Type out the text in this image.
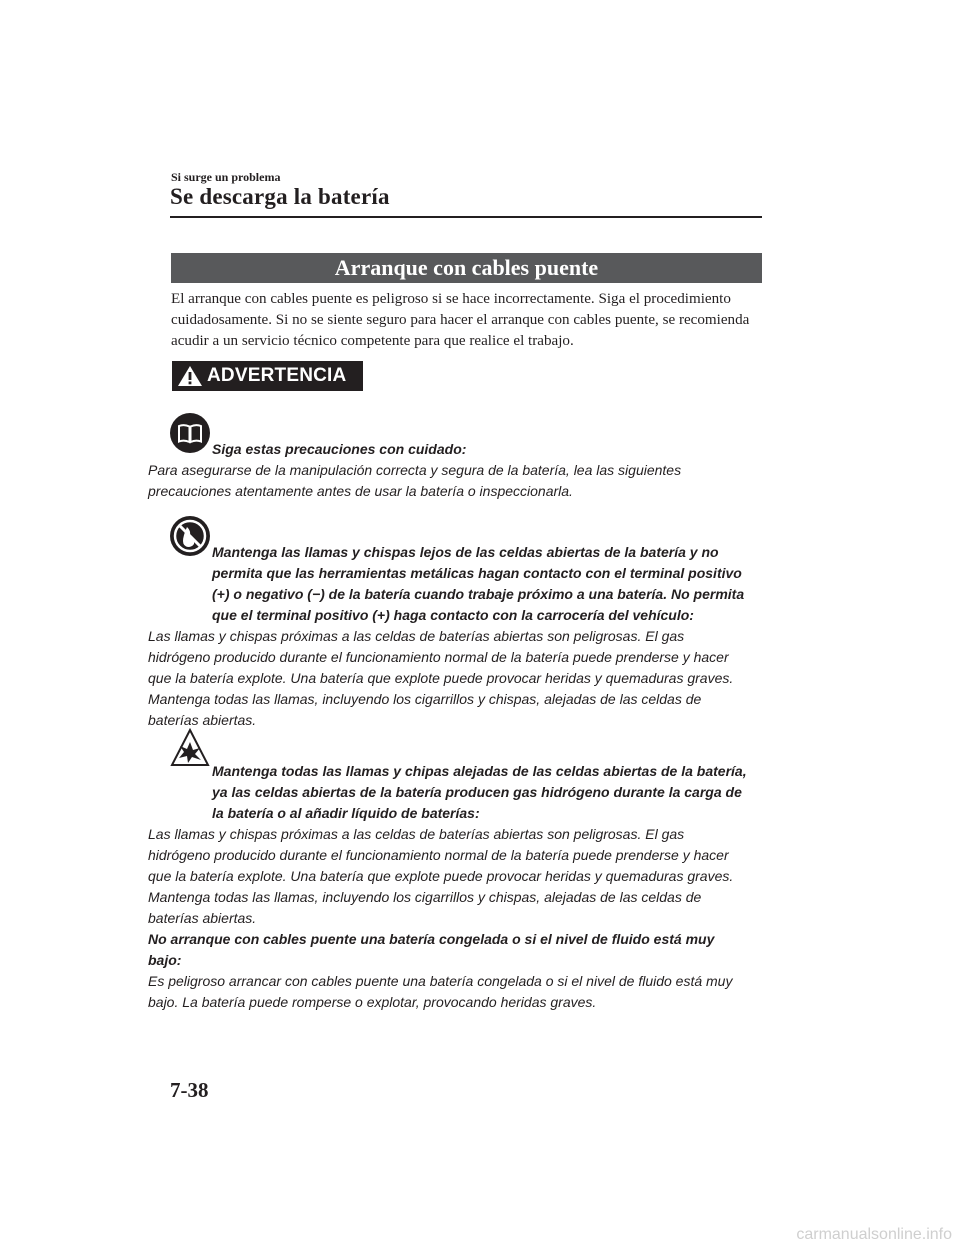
Si surge un problema
Se descarga la batería
Arranque con cables puente
El arranque con cables puente es peligroso si se hace incorrectamente. Siga el procedimiento cuidadosamente. Si no se siente seguro para hacer el arranque con cables puente, se recomienda acudir a un servicio técnico competente para que realice el trabajo.
ADVERTENCIA
Siga estas precauciones con cuidado:
Para asegurarse de la manipulación correcta y segura de la batería, lea las siguientes precauciones atentamente antes de usar la batería o inspeccionarla.
Mantenga las llamas y chispas lejos de las celdas abiertas de la batería y no permita que las herramientas metálicas hagan contacto con el terminal positivo (+) o negativo (−) de la batería cuando trabaje próximo a una batería. No permita que el terminal positivo (+) haga contacto con la carrocería del vehículo:
Las llamas y chispas próximas a las celdas de baterías abiertas son peligrosas. El gas hidrógeno producido durante el funcionamiento normal de la batería puede prenderse y hacer que la batería explote. Una batería que explote puede provocar heridas y quemaduras graves. Mantenga todas las llamas, incluyendo los cigarrillos y chispas, alejadas de las celdas de baterías abiertas.
Mantenga todas las llamas y chipas alejadas de las celdas abiertas de la batería, ya las celdas abiertas de la batería producen gas hidrógeno durante la carga de la batería o al añadir líquido de baterías:
Las llamas y chispas próximas a las celdas de baterías abiertas son peligrosas. El gas hidrógeno producido durante el funcionamiento normal de la batería puede prenderse y hacer que la batería explote. Una batería que explote puede provocar heridas y quemaduras graves. Mantenga todas las llamas, incluyendo los cigarrillos y chispas, alejadas de las celdas de baterías abiertas.
No arranque con cables puente una batería congelada o si el nivel de fluido está muy bajo:
Es peligroso arrancar con cables puente una batería congelada o si el nivel de fluido está muy bajo. La batería puede romperse o explotar, provocando heridas graves.
7-38
carmanualsonline.info
